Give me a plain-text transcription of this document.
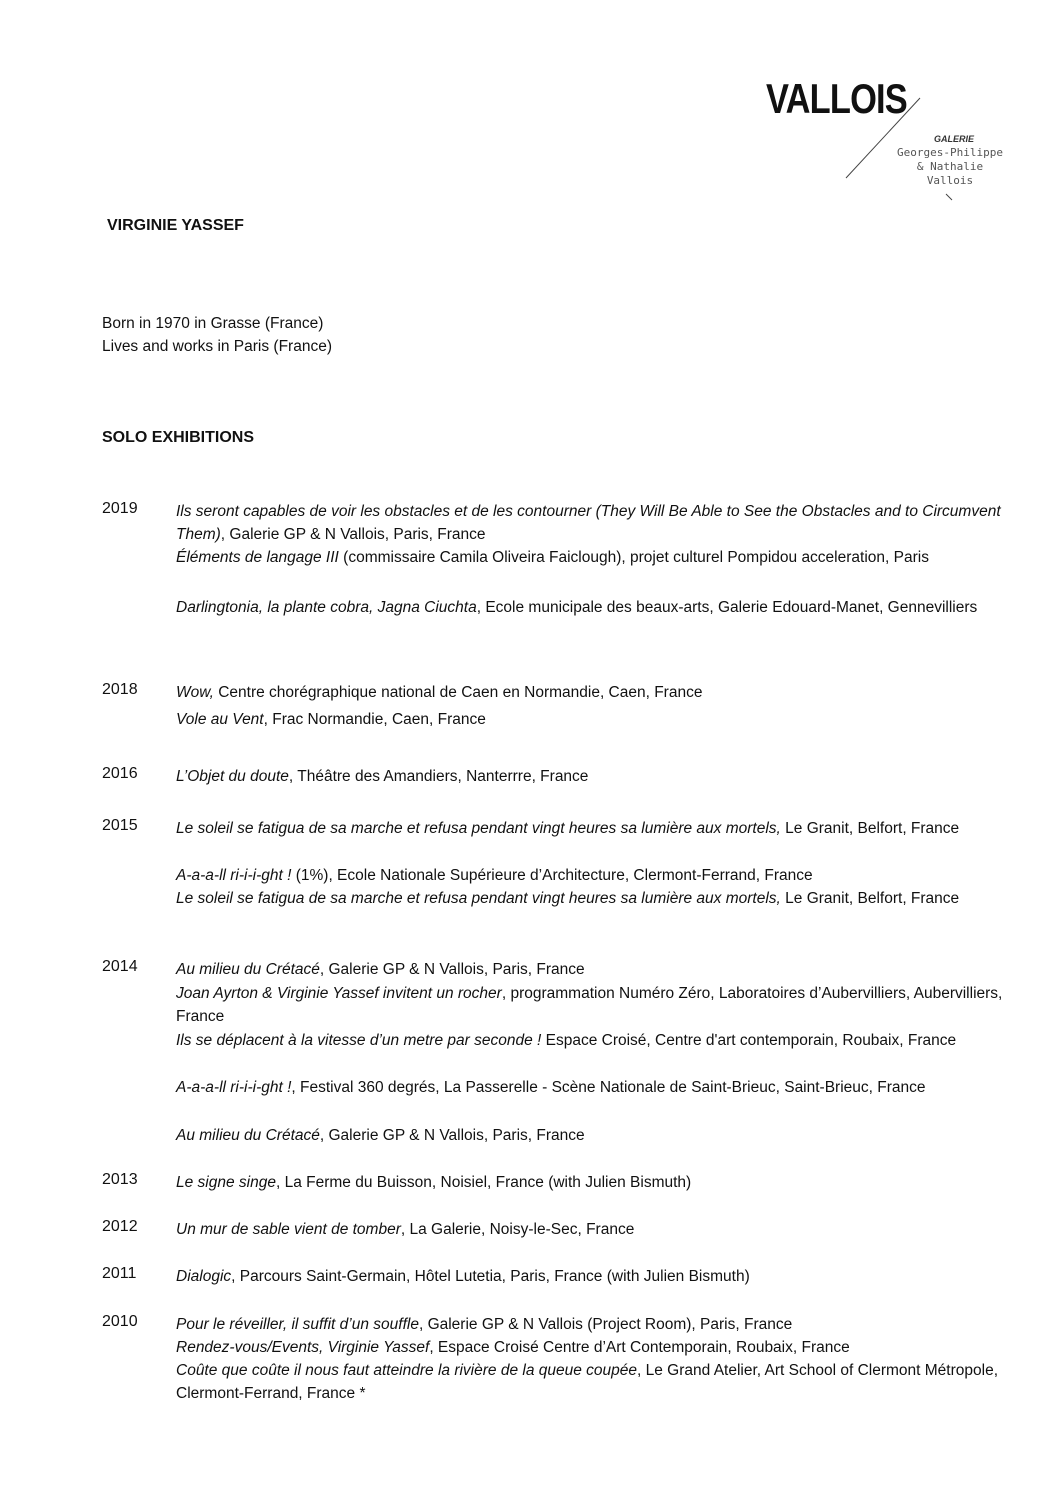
VALLOIS
GALERIE
Georges-Philippe
& Nathalie
Vallois
VIRGINIE YASSEF
Born in 1970 in Grasse (France)
Lives and works in Paris (France)
SOLO EXHIBITIONS
2019 Ils seront capables de voir les obstacles et de les contourner (They Will Be Able to See the Obstacles and to Circumvent Them), Galerie GP & N Vallois, Paris, France
Éléments de langage III (commissaire Camila Oliveira Faiclough), projet culturel Pompidou acceleration, Paris
Darlingtonia, la plante cobra, Jagna Ciuchta, Ecole municipale des beaux-arts, Galerie Edouard-Manet, Gennevilliers
2018 Wow, Centre chorégraphique national de Caen en Normandie, Caen, France
Vole au Vent, Frac Normandie, Caen, France
2016 L’Objet du doute, Théâtre des Amandiers, Nanterrre, France
2015 Le soleil se fatigua de sa marche et refusa pendant vingt heures sa lumière aux mortels, Le Granit, Belfort, France
A-a-a-ll ri-i-i-ght ! (1%), Ecole Nationale Supérieure d’Architecture, Clermont-Ferrand, France
Le soleil se fatigua de sa marche et refusa pendant vingt heures sa lumière aux mortels, Le Granit, Belfort, France
2014 Au milieu du Crétacé, Galerie GP & N Vallois, Paris, France
Joan Ayrton & Virginie Yassef invitent un rocher, programmation Numéro Zéro, Laboratoires d’Aubervilliers, Aubervilliers, France
Ils se déplacent à la vitesse d’un metre par seconde ! Espace Croisé, Centre d'art contemporain, Roubaix, France
A-a-a-ll ri-i-i-ght !, Festival 360 degrés, La Passerelle - Scène Nationale de Saint-Brieuc, Saint-Brieuc, France
Au milieu du Crétacé, Galerie GP & N Vallois, Paris, France
2013 Le signe singe, La Ferme du Buisson, Noisiel, France (with Julien Bismuth)
2012 Un mur de sable vient de tomber, La Galerie, Noisy-le-Sec, France
2011	Dialogic, Parcours Saint-Germain, Hôtel Lutetia, Paris, France (with Julien Bismuth)
2010 Pour le réveiller, il suffit d’un souffle, Galerie GP & N Vallois (Project Room), Paris, France
Rendez-vous/Events, Virginie Yassef, Espace Croisé Centre d’Art Contemporain, Roubaix, France
Coûte que coûte il nous faut atteindre la rivière de la queue coupée, Le Grand Atelier, Art School of Clermont Métropole, Clermont-Ferrand, France *
